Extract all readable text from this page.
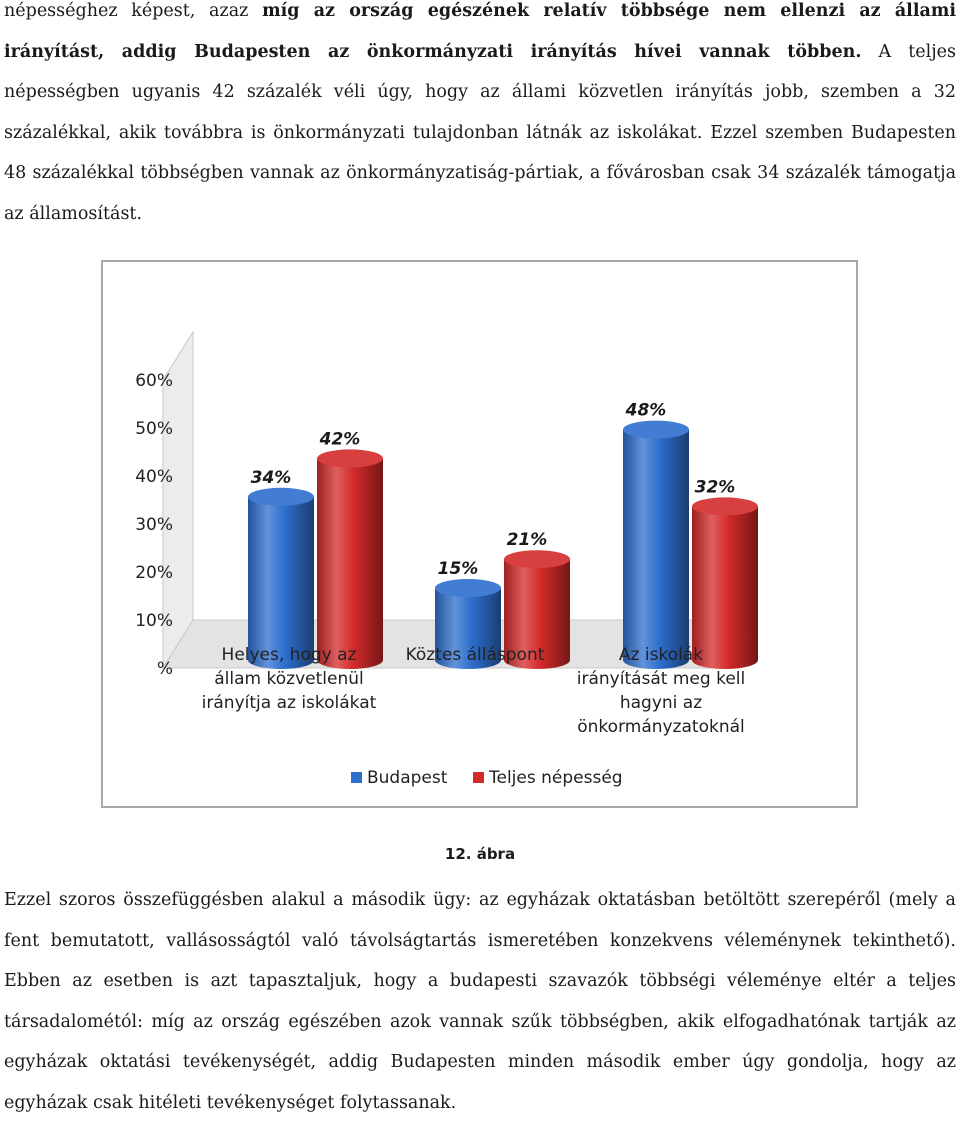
népességhez képest, azaz míg az ország egészének relatív többsége nem ellenzi az állami irányítást, addig Budapesten az önkormányzati irányítás hívei vannak többen. A teljes népességben ugyanis 42 százalék véli úgy, hogy az állami közvetlen irányítás jobb, szemben a 32 százalékkal, akik továbbra is önkormányzati tulajdonban látnák az iskolákat. Ezzel szemben Budapesten 48 százalékkal többségben vannak az önkormányzatiság-pártiak, a fővárosban csak 34 százalék támogatja az államosítást.

%
10%
20%
30%
40%
50%
60%
34%
15%
48%
42%
21%
32%
Helyes, hogy az
állam közvetlenül
irányítja az iskolákat
Köztes álláspont	Az iskolák
irányítását meg kell
hagyni az
önkormányzatoknál
Budapest Teljes népesség
12. ábra

Ezzel szoros összefüggésben alakul a második ügy: az egyházak oktatásban betöltött szerepéről (mely a fent bemutatott, vallásosságtól való távolságtartás ismeretében konzekvens véleménynek tekinthető). Ebben az esetben is azt tapasztaljuk, hogy a budapesti szavazók többségi véleménye eltér a teljes társadalométól: míg az ország egészében azok vannak szűk többségben, akik elfogadhatónak tartják az egyházak oktatási tevékenységét, addig Budapesten minden második ember úgy gondolja, hogy az egyházak csak hitéleti tevékenységet folytassanak.
